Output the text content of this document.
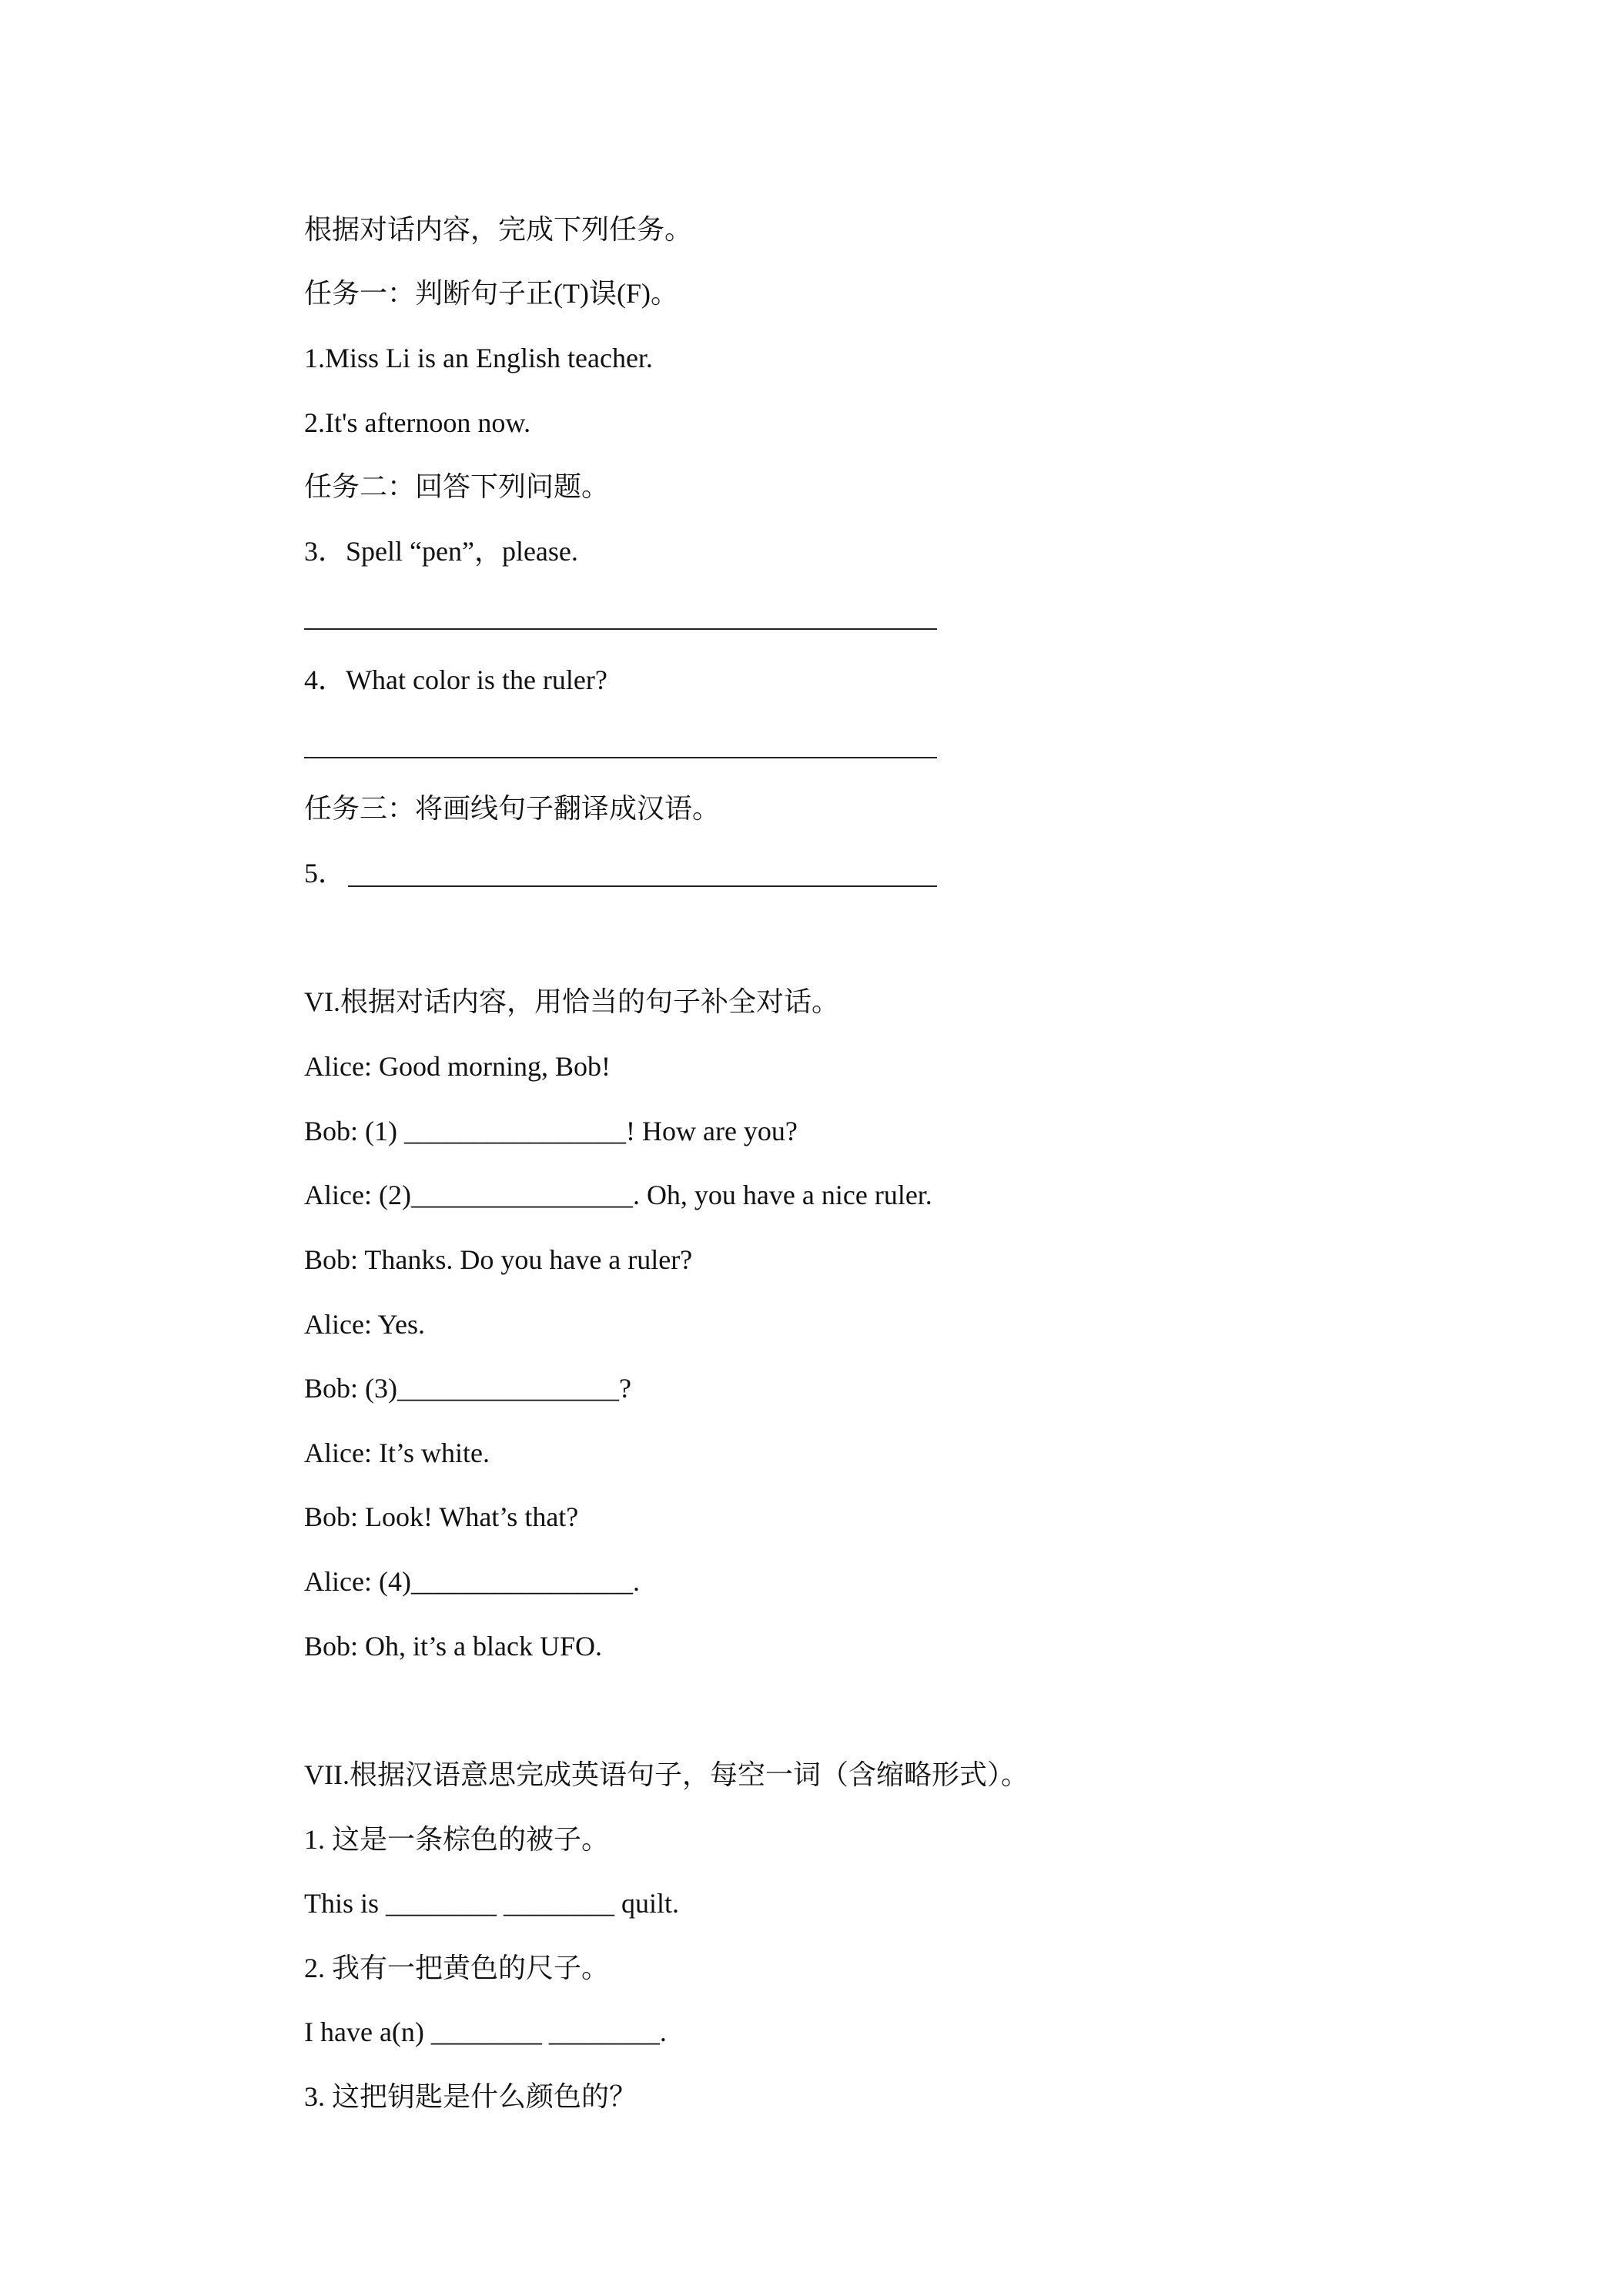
根据对话内容，完成下列任务。
任务一：判断句子正(T)误(F)。
1.Miss Li is an English teacher.
2.It's afternoon now.
任务二：回答下列问题。
3．Spell “pen”，please.
4．What color is the ruler?
任务三：将画线句子翻译成汉语。
5．
VI.根据对话内容，用恰当的句子补全对话。
Alice: Good morning, Bob!
Bob: (1) ________________! How are you?
Alice: (2)________________. Oh, you have a nice ruler.
Bob: Thanks. Do you have a ruler?
Alice: Yes.
Bob: (3)________________?
Alice: It’s white.
Bob: Look! What’s that?
Alice: (4)________________.
Bob: Oh, it’s a black UFO.
VII.根据汉语意思完成英语句子，每空一词（含缩略形式）。
1. 这是一条棕色的被子。
This is ________ ________ quilt.
2. 我有一把黄色的尺子。
I have a(n) ________ ________.
3. 这把钥匙是什么颜色的？
